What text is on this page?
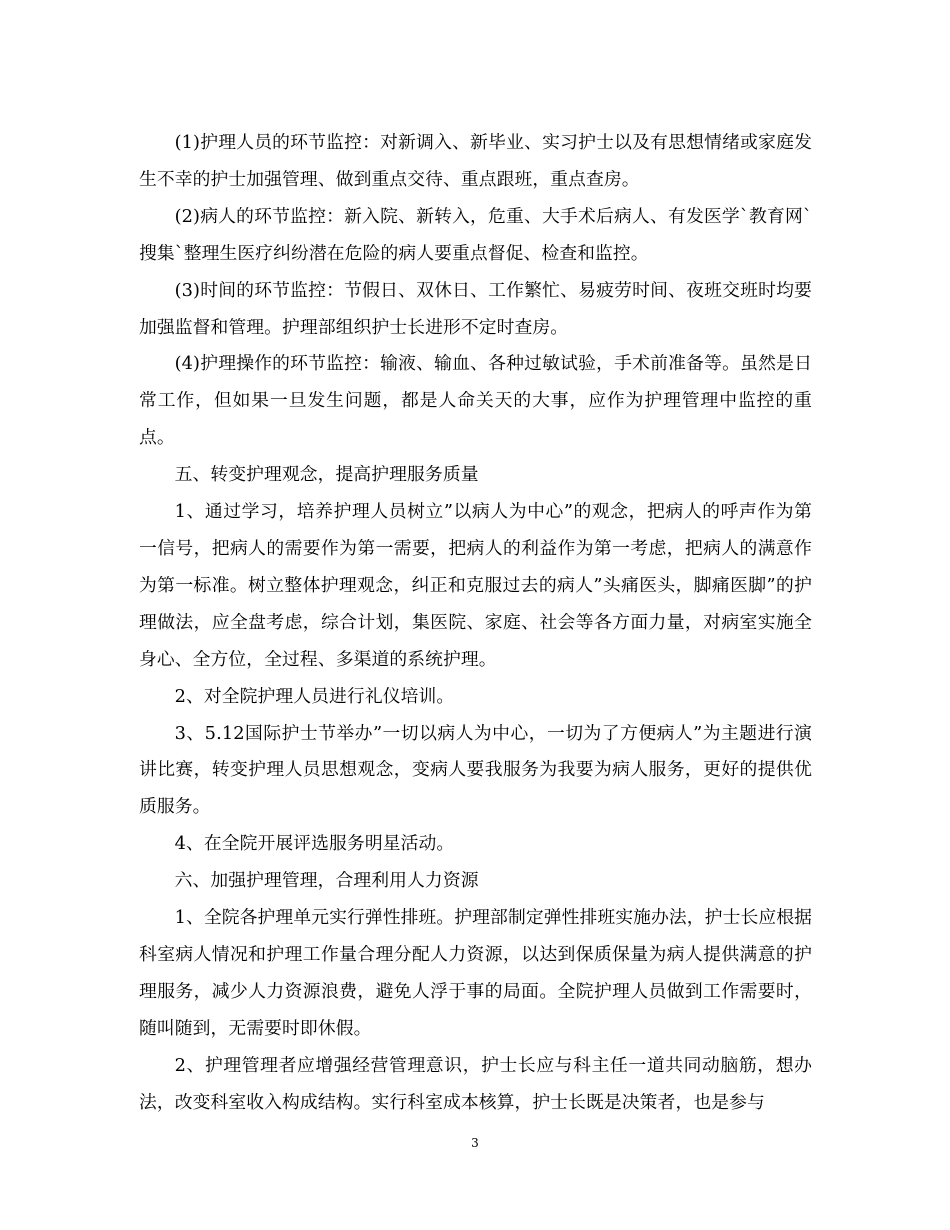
(1)护理人员的环节监控：对新调入、新毕业、实习护士以及有思想情绪或家庭发生不幸的护士加强管理、做到重点交待、重点跟班，重点查房。

(2)病人的环节监控：新入院、新转入，危重、大手术后病人、有发医学`教育网`搜集`整理生医疗纠纷潜在危险的病人要重点督促、检查和监控。

(3)时间的环节监控：节假日、双休日、工作繁忙、易疲劳时间、夜班交班时均要加强监督和管理。护理部组织护士长进形不定时查房。

(4)护理操作的环节监控：输液、输血、各种过敏试验，手术前准备等。虽然是日常工作，但如果一旦发生问题，都是人命关天的大事，应作为护理管理中监控的重点。

五、转变护理观念，提高护理服务质量

1、通过学习，培养护理人员树立”以病人为中心”的观念，把病人的呼声作为第一信号，把病人的需要作为第一需要，把病人的利益作为第一考虑，把病人的满意作为第一标准。树立整体护理观念，纠正和克服过去的病人”头痛医头，脚痛医脚”的护理做法，应全盘考虑，综合计划，集医院、家庭、社会等各方面力量，对病室实施全身心、全方位，全过程、多渠道的系统护理。

2、对全院护理人员进行礼仪培训。

3、5.12国际护士节举办”一切以病人为中心，一切为了方便病人”为主题进行演讲比赛，转变护理人员思想观念，变病人要我服务为我要为病人服务，更好的提供优质服务。

4、在全院开展评选服务明星活动。

六、加强护理管理，合理利用人力资源

1、全院各护理单元实行弹性排班。护理部制定弹性排班实施办法，护士长应根据科室病人情况和护理工作量合理分配人力资源，以达到保质保量为病人提供满意的护理服务，减少人力资源浪费，避免人浮于事的局面。全院护理人员做到工作需要时，随叫随到，无需要时即休假。

2、护理管理者应增强经营管理意识，护士长应与科主任一道共同动脑筋，想办法，改变科室收入构成结构。实行科室成本核算，护士长既是决策者，也是参与

3
